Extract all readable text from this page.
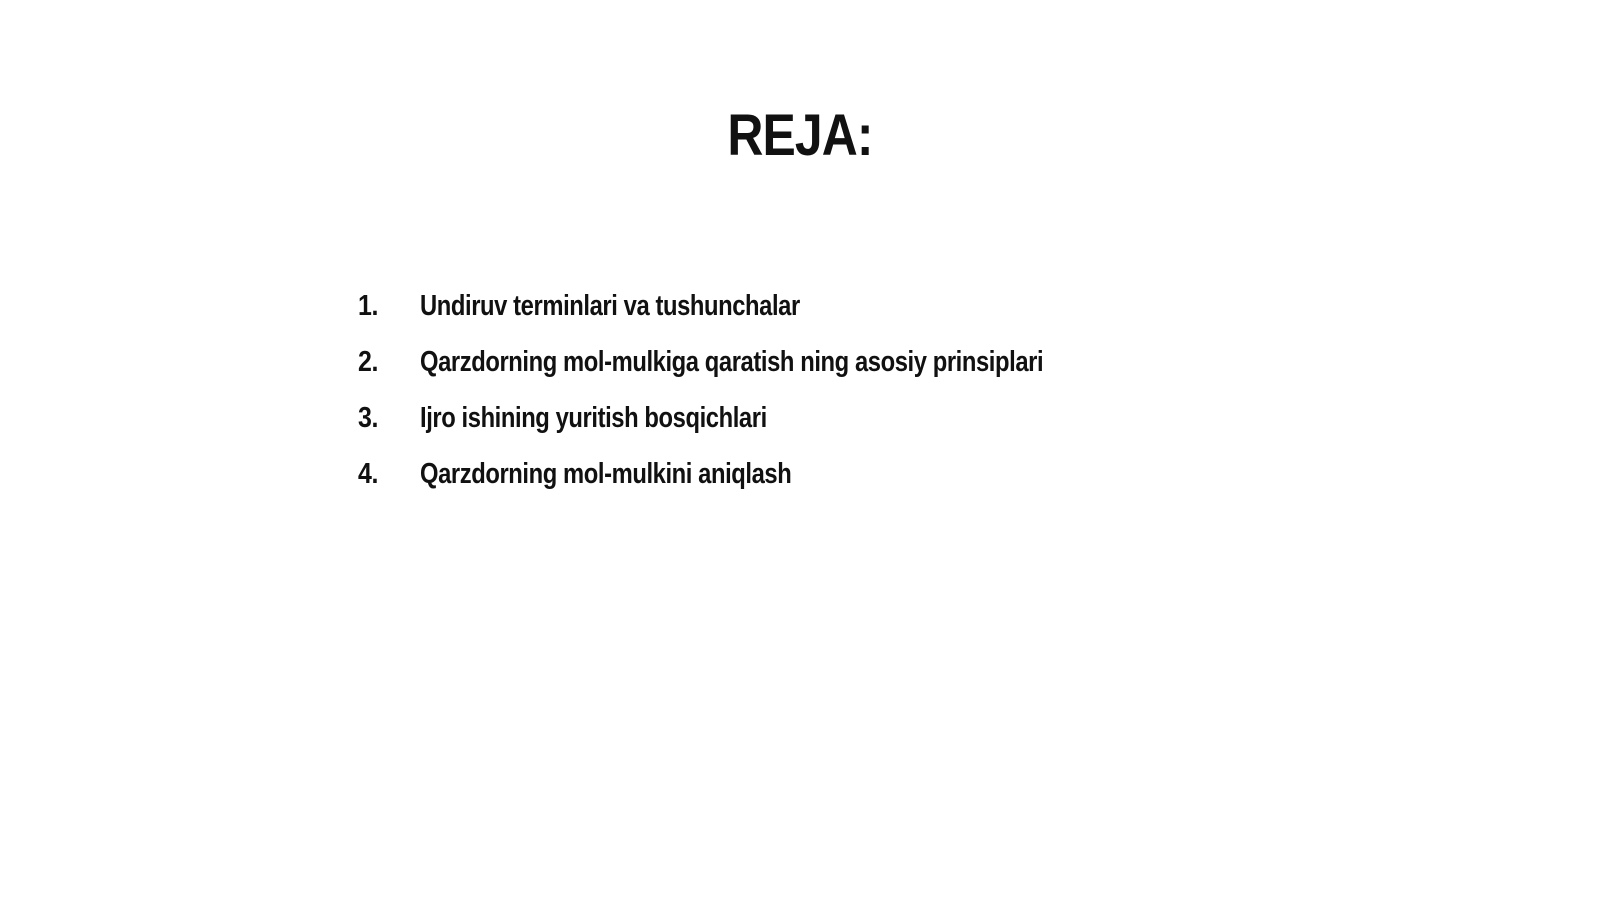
REJA:
1.	Undiruv terminlari va tushunchalar
2.	Qarzdorning mol-mulkiga qaratish ning asosiy prinsiplari
3.	Ijro ishining yuritish bosqichlari
4.	Qarzdorning mol-mulkini aniqlash
